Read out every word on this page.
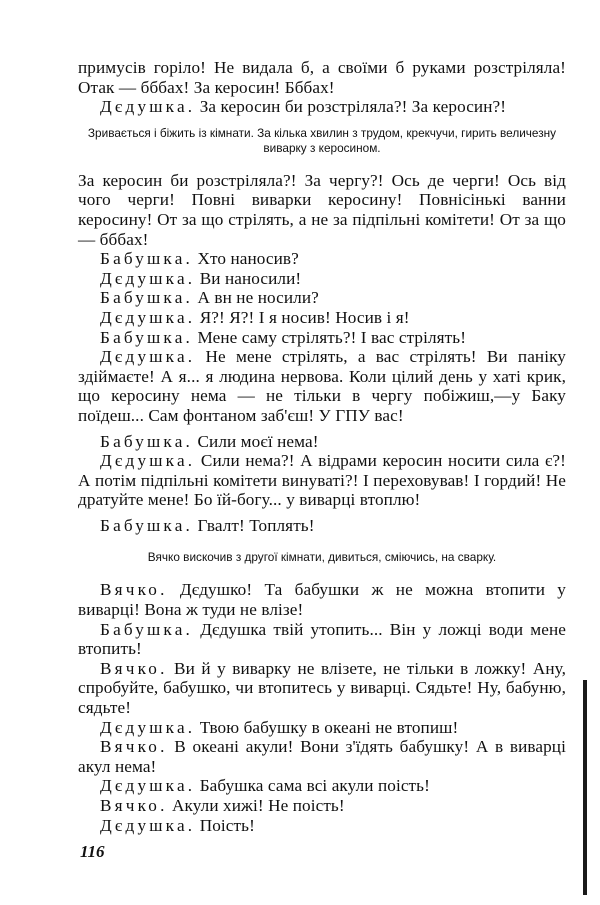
примусів горіло! Не видала б, а своїми б руками розстріляла! Отак — бббах! За керосин! Бббах!

Дєдушка. За керосин би розстріляла?! За керосин?!

Зривається і біжить із кімнати. За кілька хвилин з трудом, крекчучи, гирить величезну виварку з керосином.

За керосин би розстріляла?! За чергу?! Ось де черги! Ось від чого черги! Повні виварки керосину! Повнісінькі ванни керосину! От за що стрілять, а не за підпільні комітети! От за що — бббах!

Бабушка. Хто наносив?

Дєдушка. Ви наносили!

Бабушка. А вн не носили?

Дєдушка. Я?! Я?! І я носив! Носив і я!

Бабушка. Мене саму стрілять?! І вас стрілять!

Дєдушка. Не мене стрілять, а вас стрілять! Ви паніку здіймаєте! А я... я людина нервова. Коли цілий день у хаті крик, що керосину нема — не тільки в чергу побіжиш,—у Баку поїдеш... Сам фонтаном заб'єш! У ГПУ вас!

Бабушка. Сили моєї нема!

Дєдушка. Сили нема?! А відрами керосин носити сила є?! А потім підпільні комітети винуваті?! І переховував! І гордий! Не дратуйте мене! Бо їй-богу... у виварці втоплю!

Бабушка. Гвалт! Топлять!

Вячко вискочив з другої кімнати, дивиться, сміючись, на сварку.

Вячко. Дєдушко! Та бабушки ж не можна втопити у виварці! Вона ж туди не влізе!

Бабушка. Дєдушка твій утопить... Він у ложці води мене втопить!

Вячко. Ви й у виварку не влізете, не тільки в ложку! Ану, спробуйте, бабушко, чи втопитесь у виварці. Сядьте! Ну, бабуню, сядьте!

Дєдушка. Твою бабушку в океані не втопиш!

Вячко. В океані акули! Вони з'їдять бабушку! А в виварці акул нема!

Дєдушка. Бабушка сама всі акули поість!

Вячко. Акули хижі! Не поість!

Дєдушка. Поість!

116
